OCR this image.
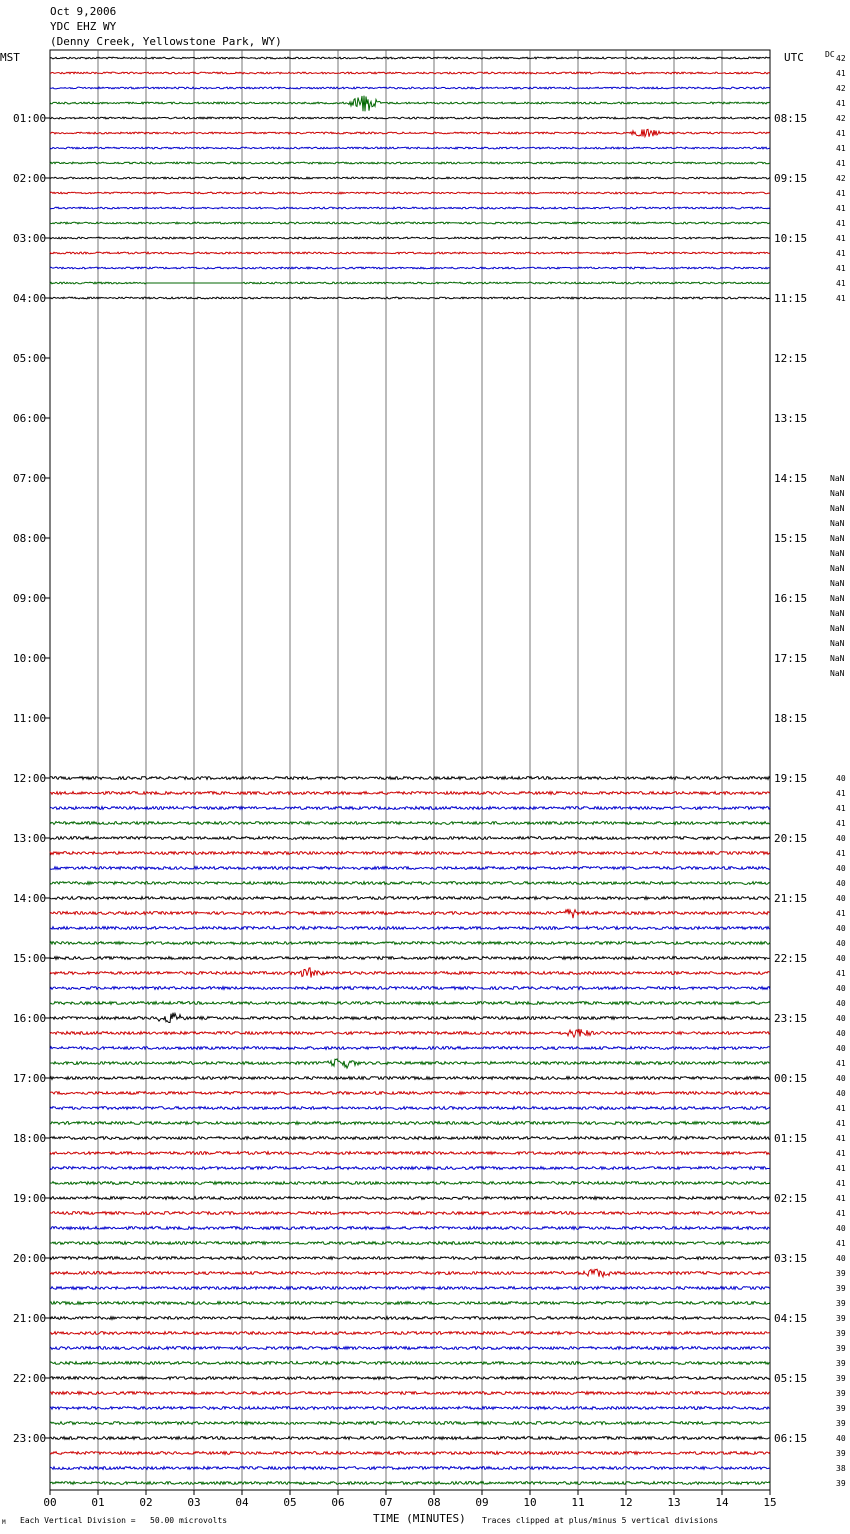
Oct 9,2006
YDC EHZ WY
(Denny Creek, Yellowstone Park, WY)
01:00
02:00
03:00
04:00
05:00
06:00
07:00
08:00
09:00
10:00
11:00
12:00
13:00
14:00
15:00
16:00
17:00
18:00
19:00
20:00
21:00
22:00
23:00
08:15
09:15
10:15
11:15
12:15
13:15
14:15
15:15
16:15
17:15
18:15
19:15
20:15
21:15
22:15
23:15
00:15
01:15
02:15
03:15
04:15
05:15
06:15
42
41
42
41
42
41
41
41
42
41
41
41
41
41
41
41
41
NaN
NaN
NaN
NaN
NaN
NaN
NaN
NaN
NaN
NaN
NaN
NaN
NaN
NaN
40
41
41
41
40
41
40
40
40
41
40
40
40
41
40
40
40
40
40
41
40
40
41
41
41
41
41
41
41
41
40
41
40
39
39
39
39
39
39
39
39
39
39
39
40
39
38
39
00	01	02	03	04	05	06	07	08	09	10	11	12	13	14	15
MST	UTC	DC
M Each Vertical Division =   50.00 microvolts	TIME (MINUTES) Traces clipped at plus/minus 5 vertical divisions
